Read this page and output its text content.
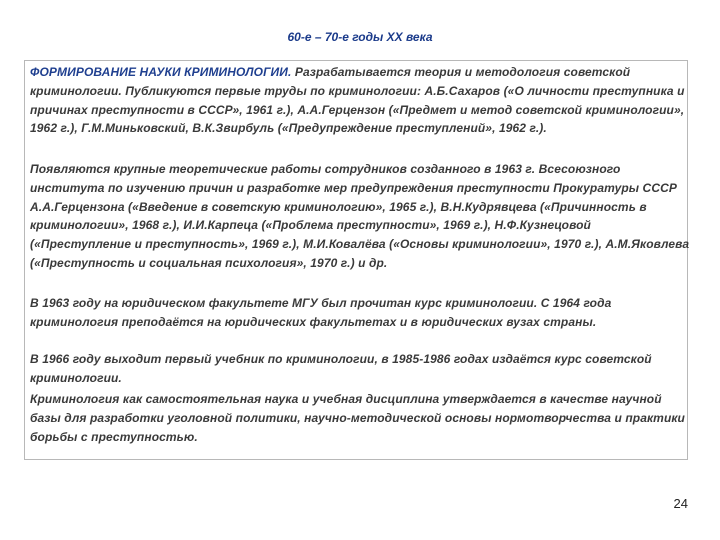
60-е – 70-е годы XX века
ФОРМИРОВАНИЕ НАУКИ КРИМИНОЛОГИИ. Разрабатывается теория и методология советской криминологии. Публикуются первые труды по криминологии: А.Б.Сахаров («О личности преступника и причинах преступности в СССР», 1961 г.), А.А.Герцензон («Предмет и метод советской криминологии», 1962 г.), Г.М.Миньковский, В.К.Звирбуль («Предупреждение преступлений», 1962 г.).
Появляются крупные теоретические работы сотрудников созданного в 1963 г. Всесоюзного института по изучению причин и разработке мер предупреждения преступности Прокуратуры СССР А.А.Герцензона («Введение в советскую криминологию», 1965 г.), В.Н.Кудрявцева («Причинность в криминологии», 1968 г.), И.И.Карпеца («Проблема преступности», 1969 г.), Н.Ф.Кузнецовой («Преступление и преступность», 1969 г.), М.И.Ковалёва («Основы криминологии», 1970 г.), А.М.Яковлева («Преступность и социальная психология», 1970 г.) и др.
В 1963 году на юридическом факультете МГУ был прочитан курс криминологии. С 1964 года криминология преподаётся на юридических факультетах и в юридических вузах страны.
В 1966 году выходит первый учебник по криминологии, в 1985-1986 годах издаётся курс советской криминологии.
Криминология как самостоятельная наука и учебная дисциплина утверждается в качестве научной базы для разработки уголовной политики, научно-методической основы нормотворчества и практики борьбы с преступностью.
24
